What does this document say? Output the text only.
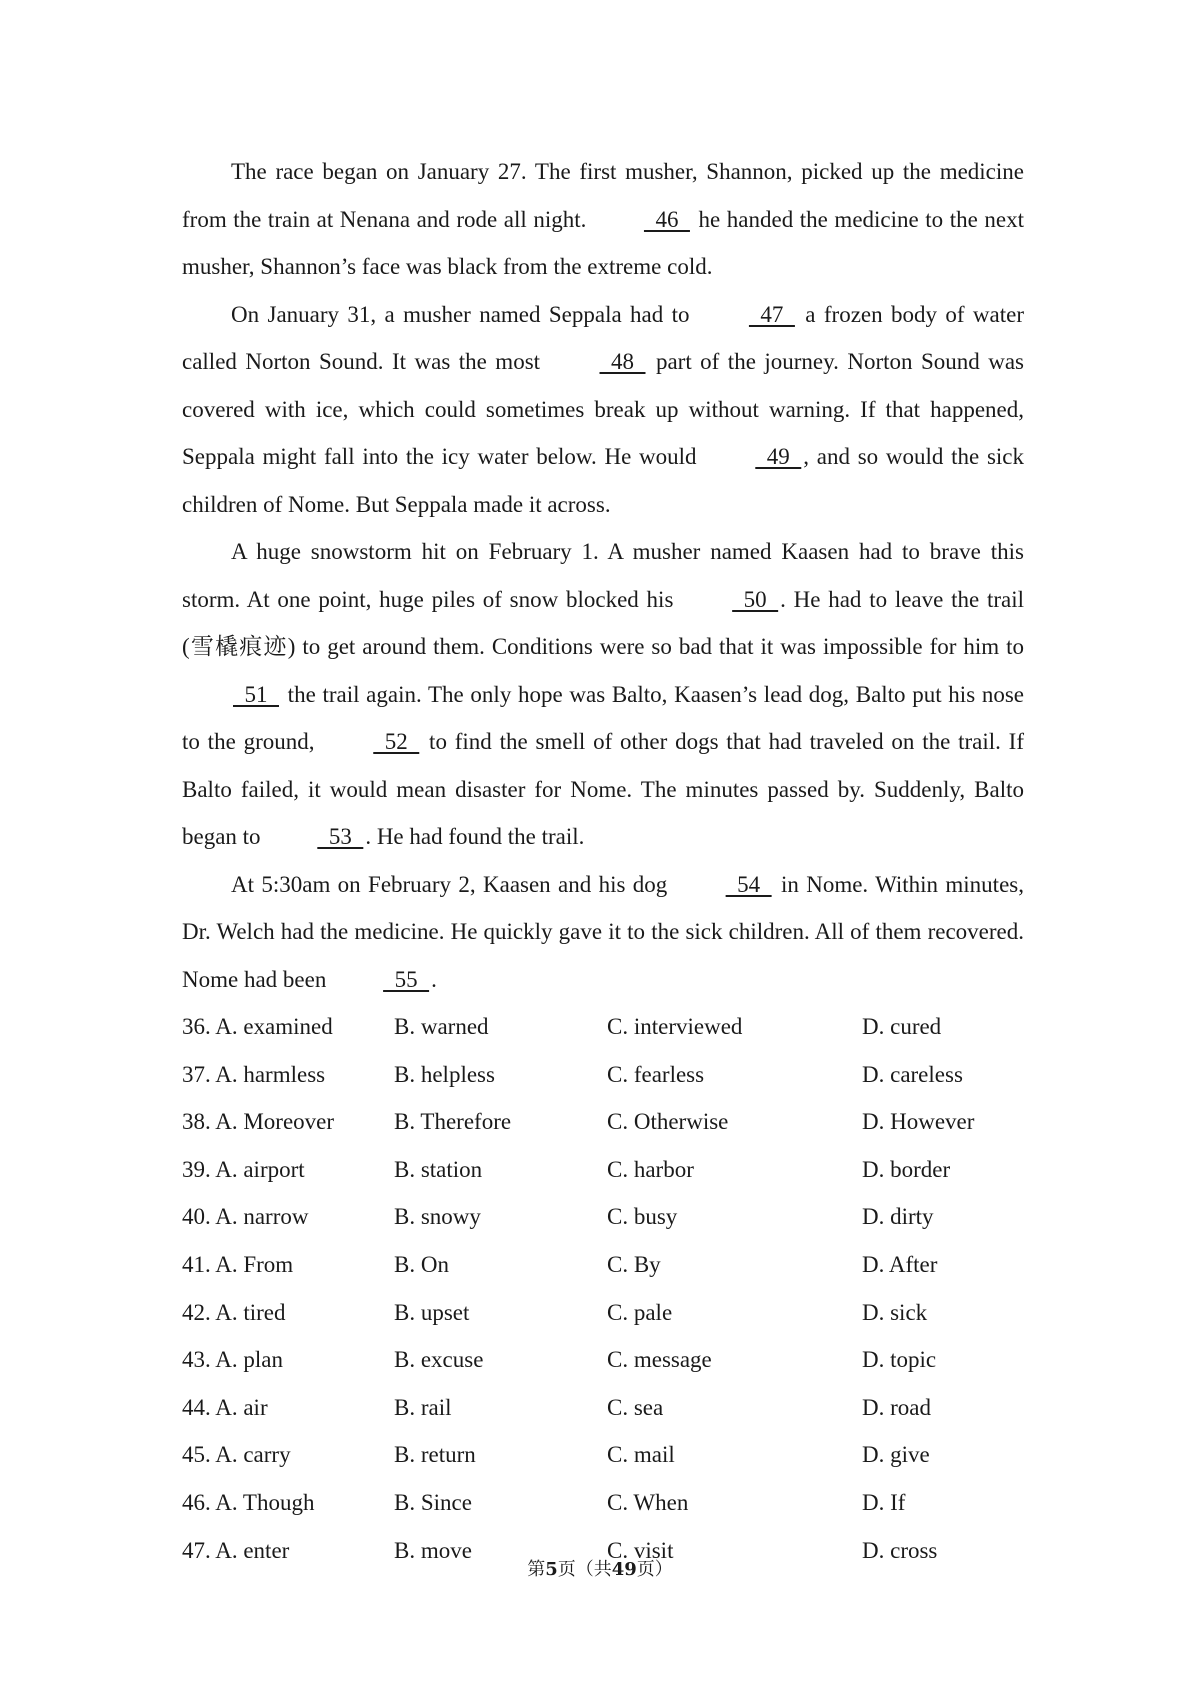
The race began on January 27. The first musher, Shannon, picked up the medicine from the train at Nenana and rode all night.   46   he handed the medicine to the next musher, Shannon’s face was black from the extreme cold.

On January 31, a musher named Seppala had to   47   a frozen body of water called Norton Sound. It was the most   48   part of the journey. Norton Sound was covered with ice, which could sometimes break up without warning. If that happened, Seppala might fall into the icy water below. He would   49  , and so would the sick children of Nome. But Seppala made it across.

A huge snowstorm hit on February 1. A musher named Kaasen had to brave this storm. At one point, huge piles of snow blocked his   50  . He had to leave the trail (雪橇痕迹) to get around them. Conditions were so bad that it was impossible for him to   51   the trail again. The only hope was Balto, Kaasen’s lead dog, Balto put his nose to the ground,   52   to find the smell of other dogs that had traveled on the trail. If Balto failed, it would mean disaster for Nome. The minutes passed by. Suddenly, Balto began to   53  . He had found the trail.

At 5:30am on February 2, Kaasen and his dog   54   in Nome. Within minutes, Dr. Welch had the medicine. He quickly gave it to the sick children. All of them recovered. Nome had been   55  .

36. A. examined	B. warned	C. interviewed	D. cured
37. A. harmless	B. helpless	C. fearless	D. careless
38. A. Moreover	B. Therefore	C. Otherwise	D. However
39. A. airport	B. station	C. harbor	D. border
40. A. narrow	B. snowy	C. busy	D. dirty
41. A. From	B. On	C. By	D. After
42. A. tired	B. upset	C. pale	D. sick
43. A. plan	B. excuse	C. message	D. topic
44. A. air	B. rail	C. sea	D. road
45. A. carry	B. return	C. mail	D. give
46. A. Though	B. Since	C. When	D. If
47. A. enter	B. move	C. visit	D. cross
第5页（共49页）
